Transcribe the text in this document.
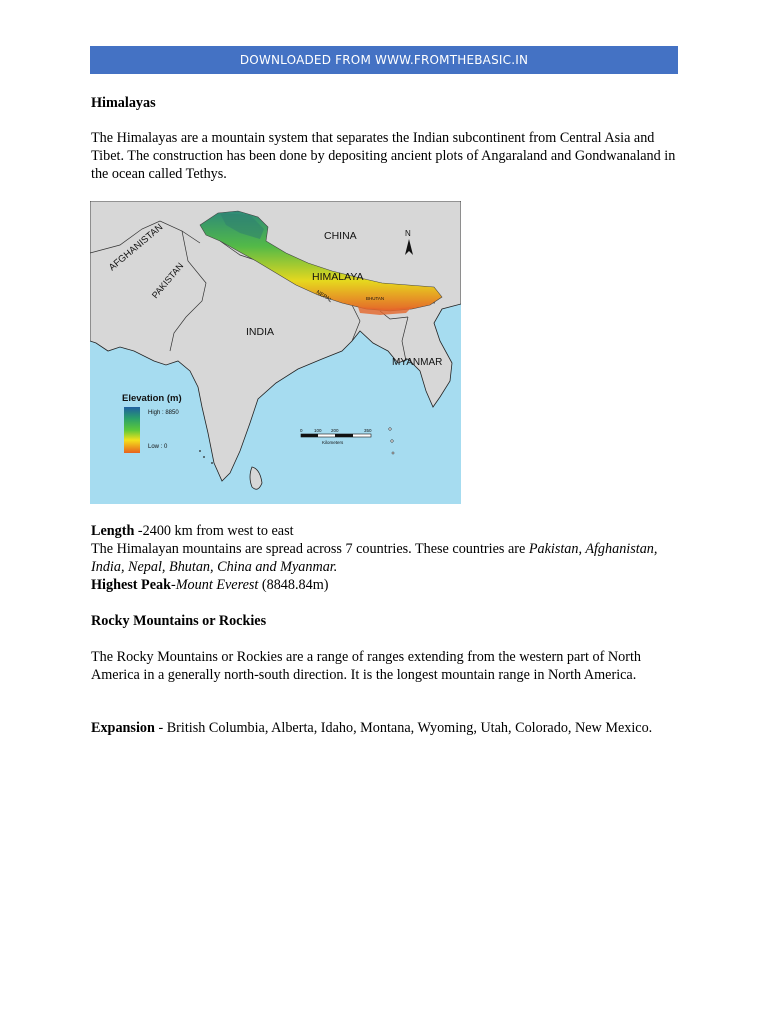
DOWNLOADED FROM WWW.FROMTHEBASIC.IN
Himalayas
The Himalayas are a mountain system that separates the Indian subcontinent from Central Asia and Tibet. The construction has been done by depositing ancient plots of Angaraland and Gondwanaland in the ocean called Tethys.
CHINA
HIMALAYA
INDIA
MYANMAR
AFGHANISTAN
PAKISTAN	NEPAL	BHUTAN
N
Elevation (m)
High : 8850
Low : 0
0	100 200	350
Kilometers
Length -2400 km from west to east
The Himalayan mountains are spread across 7 countries. These countries are Pakistan, Afghanistan, India, Nepal, Bhutan, China and Myanmar.
Highest Peak-Mount Everest (8848.84m)
Rocky Mountains or Rockies
The Rocky Mountains or Rockies are a range of ranges extending from the western part of North America in a generally north-south direction. It is the longest mountain range in North America.
Expansion - British Columbia, Alberta, Idaho, Montana, Wyoming, Utah, Colorado, New Mexico.
